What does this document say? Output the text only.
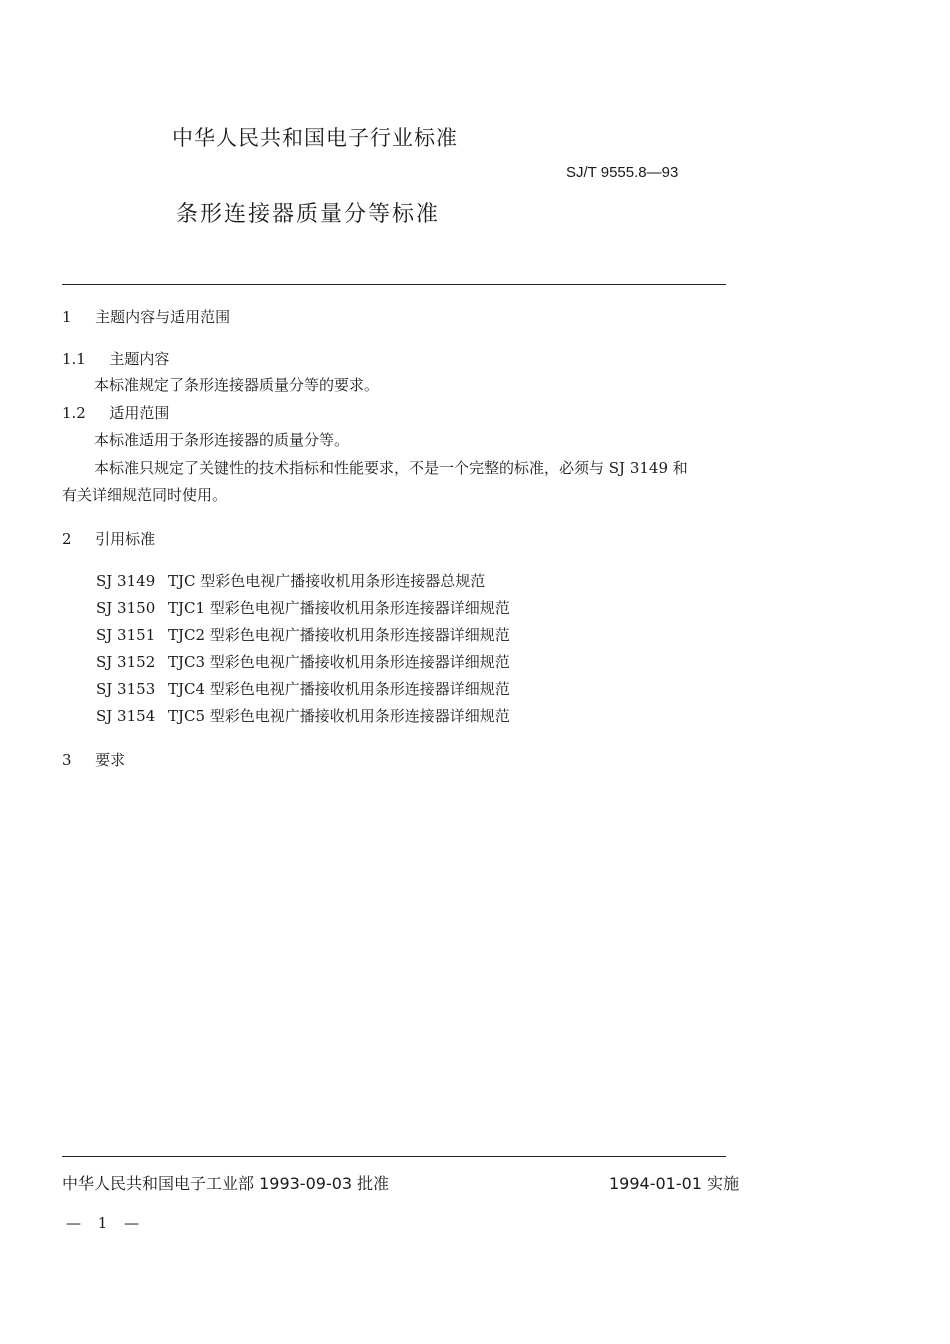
中华人民共和国电子行业标准
SJ/T 9555.8—93
条形连接器质量分等标准
1 主题内容与适用范围
1.1 主题内容
本标准规定了条形连接器质量分等的要求。
1.2 适用范围
本标准适用于条形连接器的质量分等。
本标准只规定了关键性的技术指标和性能要求，不是一个完整的标准，必须与 SJ 3149 和
有关详细规范同时使用。
2 引用标准
SJ 3149 TJC 型彩色电视广播接收机用条形连接器总规范
SJ 3150 TJC1 型彩色电视广播接收机用条形连接器详细规范
SJ 3151 TJC2 型彩色电视广播接收机用条形连接器详细规范
SJ 3152 TJC3 型彩色电视广播接收机用条形连接器详细规范
SJ 3153 TJC4 型彩色电视广播接收机用条形连接器详细规范
SJ 3154 TJC5 型彩色电视广播接收机用条形连接器详细规范
3 要求
中华人民共和国电子工业部 1993-09-03 批准	1994-01-01 实施
— 1 —
